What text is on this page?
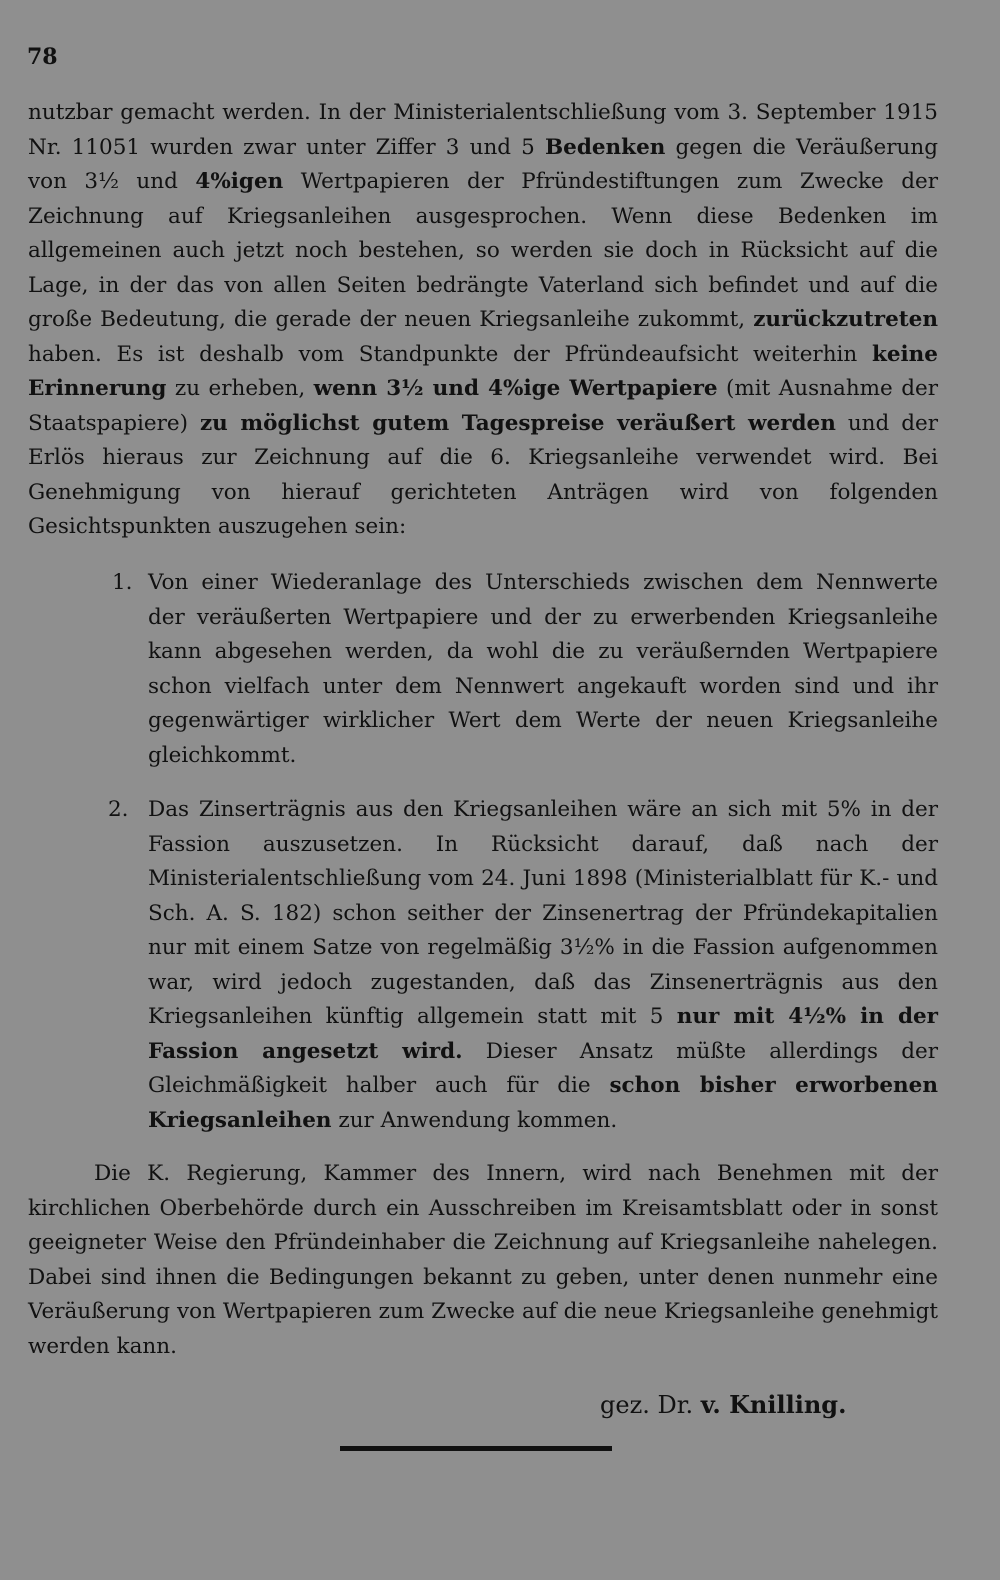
78
nutzbar gemacht werden. In der Ministerialentschließung vom 3. September 1915 Nr. 11051 wurden zwar unter Ziffer 3 und 5 Bedenken gegen die Veräußerung von 3½ und 4%igen Wertpapieren der Pfründestiftungen zum Zwecke der Zeichnung auf Kriegsanleihen ausgesprochen. Wenn diese Bedenken im allgemeinen auch jetzt noch bestehen, so werden sie doch in Rücksicht auf die Lage, in der das von allen Seiten bedrängte Vaterland sich befindet und auf die große Bedeutung, die gerade der neuen Kriegsanleihe zukommt, zurückzutreten haben. Es ist deshalb vom Standpunkte der Pfründeaufsicht weiterhin keine Erinnerung zu erheben, wenn 3½ und 4%ige Wertpapiere (mit Ausnahme der Staatspapiere) zu möglichst gutem Tagespreise veräußert werden und der Erlös hieraus zur Zeichnung auf die 6. Kriegsanleihe verwendet wird. Bei Genehmigung von hierauf gerichteten Anträgen wird von folgenden Gesichtspunkten auszugehen sein:
1. Von einer Wiederanlage des Unterschieds zwischen dem Nennwerte der veräußerten Wertpapiere und der zu erwerbenden Kriegsanleihe kann abgesehen werden, da wohl die zu veräußernden Wertpapiere schon vielfach unter dem Nennwert angekauft worden sind und ihr gegenwärtiger wirklicher Wert dem Werte der neuen Kriegsanleihe gleichkommt.
2. Das Zinserträgnis aus den Kriegsanleihen wäre an sich mit 5% in der Fassion auszusetzen. In Rücksicht darauf, daß nach der Ministerialentschließung vom 24. Juni 1898 (Ministerialblatt für K.- und Sch. A. S. 182) schon seither der Zinsenertrag der Pfründekapitalien nur mit einem Satze von regelmäßig 3½% in die Fassion aufgenommen war, wird jedoch zugestanden, daß das Zinsenerträgnis aus den Kriegsanleihen künftig allgemein statt mit 5 nur mit 4½% in der Fassion angesetzt wird. Dieser Ansatz müßte allerdings der Gleichmäßigkeit halber auch für die schon bisher erworbenen Kriegsanleihen zur Anwendung kommen.
Die K. Regierung, Kammer des Innern, wird nach Benehmen mit der kirchlichen Oberbehörde durch ein Ausschreiben im Kreisamtsblatt oder in sonst geeigneter Weise den Pfründeinhaber die Zeichnung auf Kriegsanleihe nahelegen. Dabei sind ihnen die Bedingungen bekannt zu geben, unter denen nunmehr eine Veräußerung von Wertpapieren zum Zwecke auf die neue Kriegsanleihe genehmigt werden kann.
gez. Dr. v. Knilling.
